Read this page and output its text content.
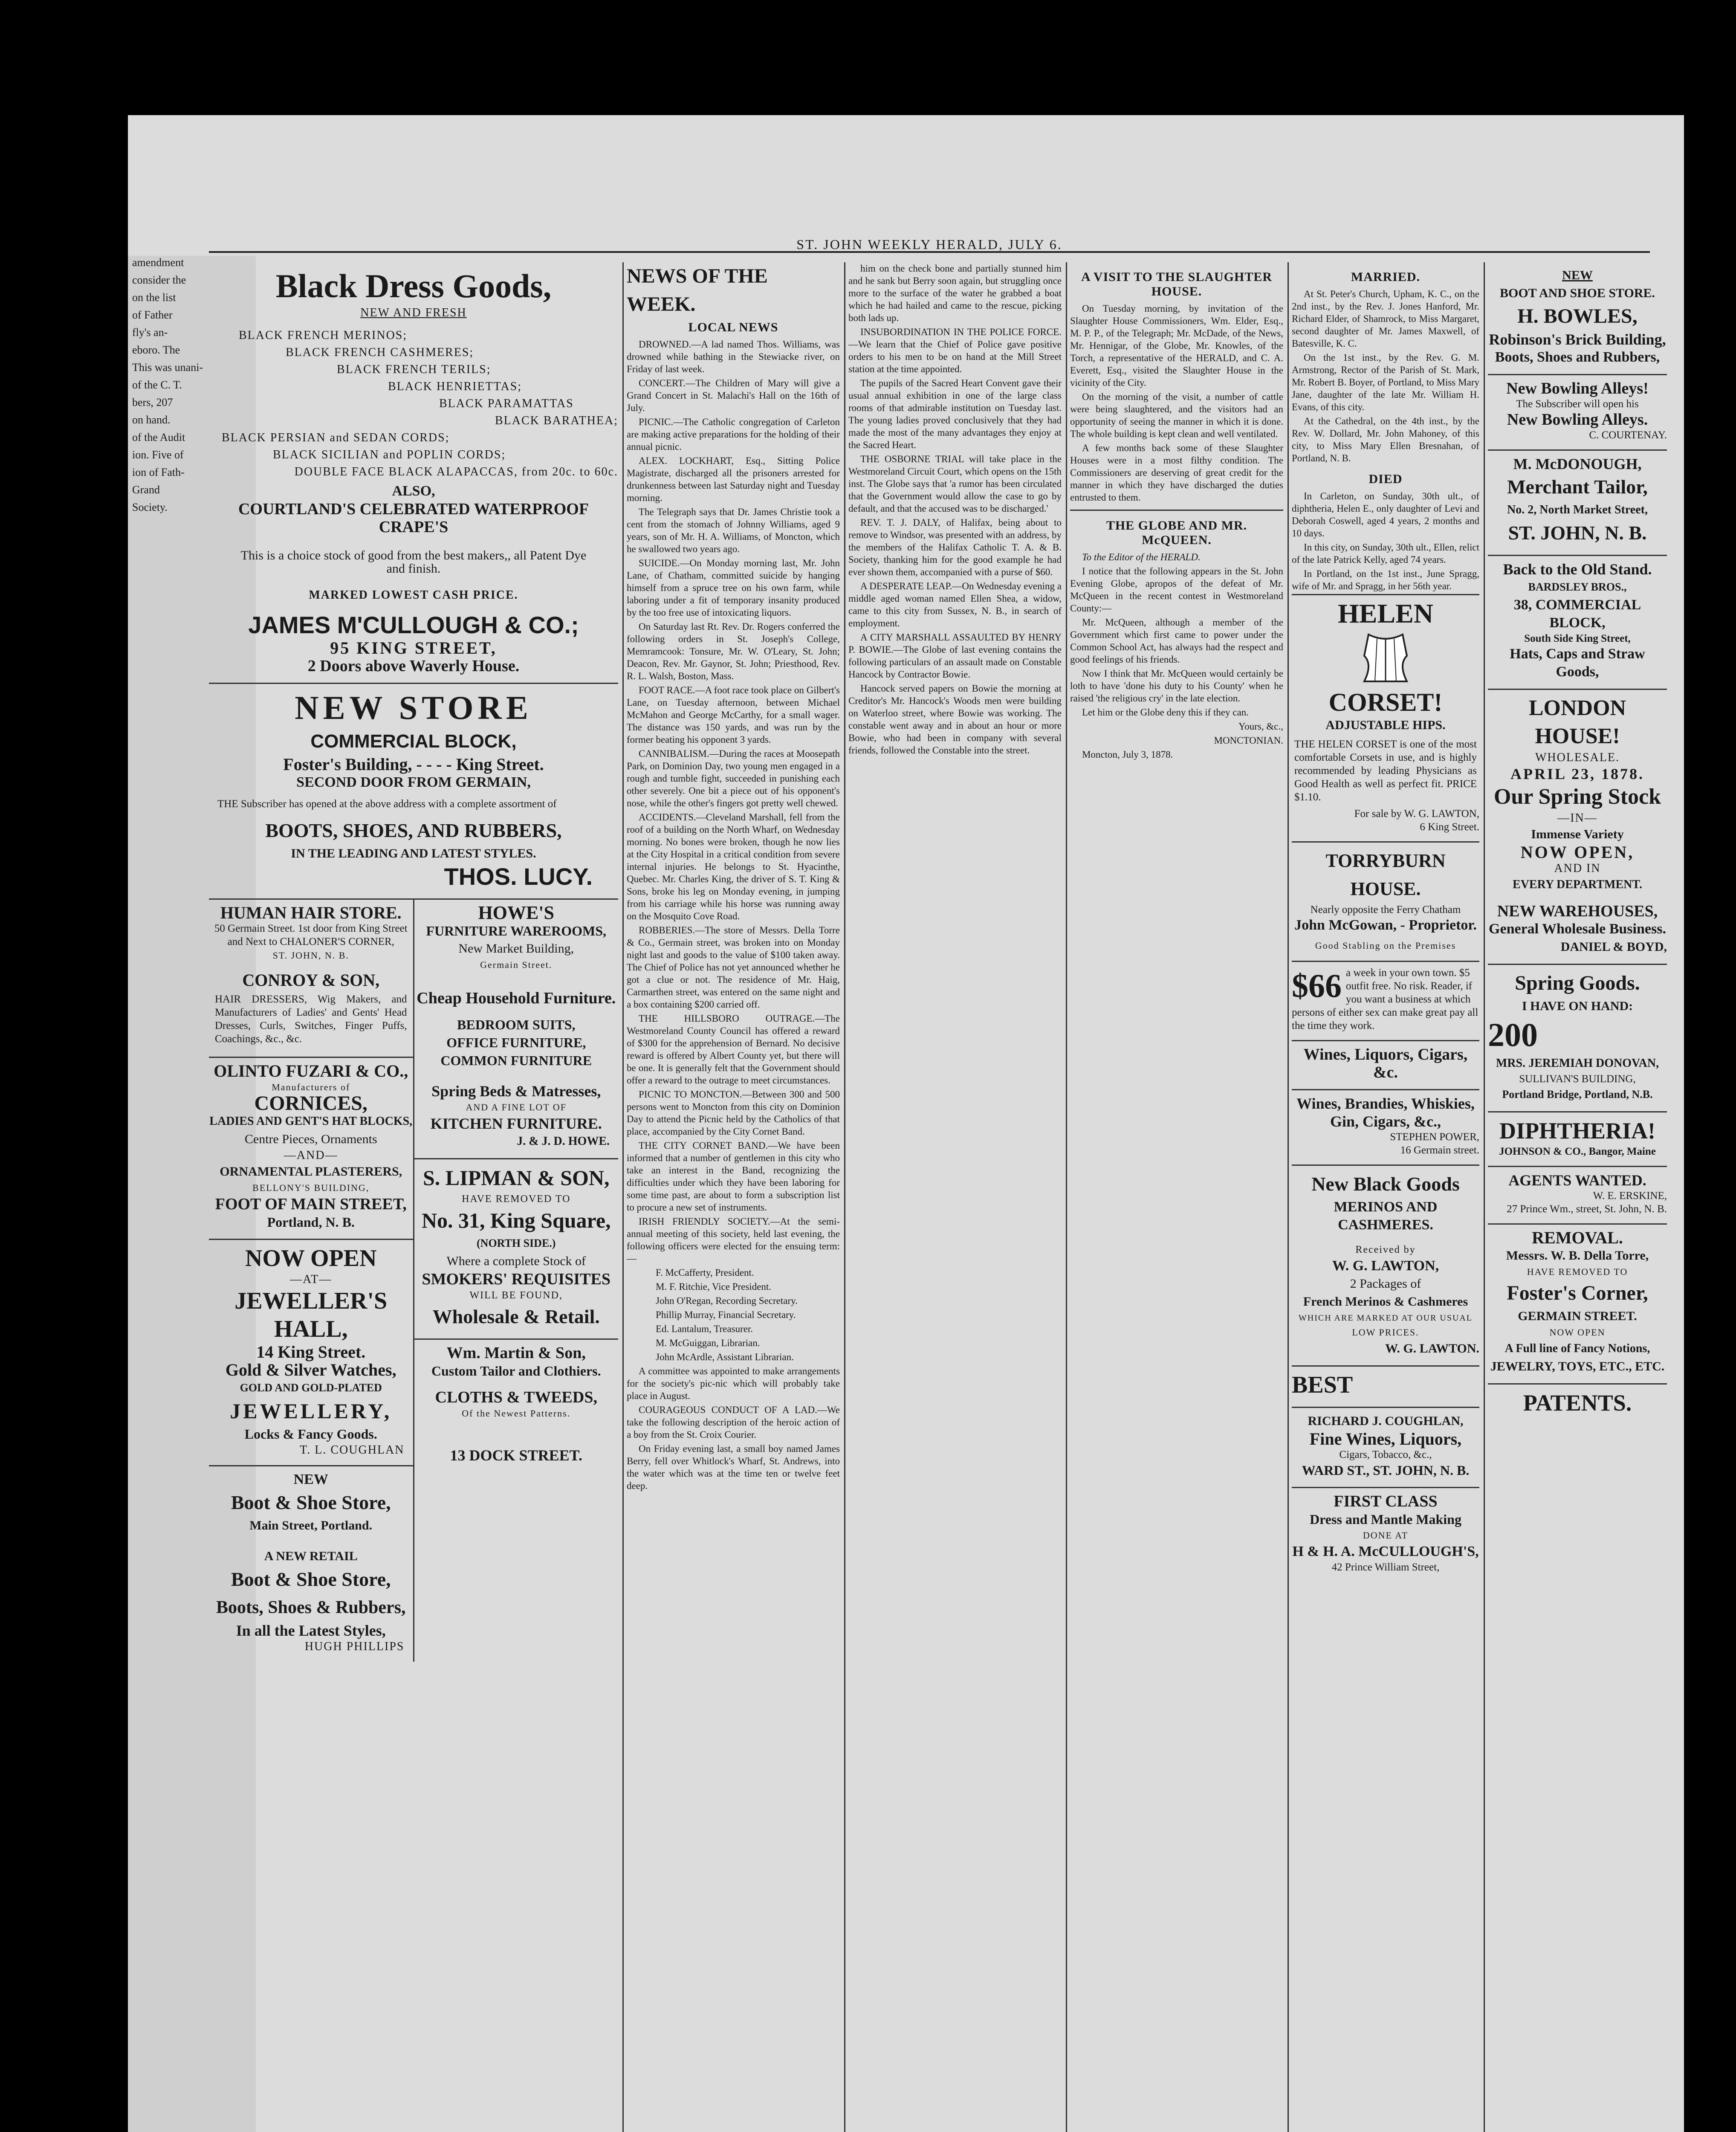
amendment

consider the

on the list

of Father

fly's an-

eboro. The

This was unani-

of the C. T.

bers, 207

on hand.

of the Audit

ion. Five of

ion of Fath-

Grand

Society.

ST. JOHN WEEKLY HERALD, JULY 6.
Black Dress Goods,
NEW AND FRESH

BLACK FRENCH MERINOS;

BLACK FRENCH CASHMERES;

BLACK FRENCH TERILS;

BLACK HENRIETTAS;

BLACK PARAMATTAS

BLACK BARATHEA;

BLACK PERSIAN and SEDAN CORDS;

BLACK SICILIAN and POPLIN CORDS;

DOUBLE FACE BLACK ALAPACCAS, from 20c. to 60c.

ALSO,
COURTLAND'S CELEBRATED WATERPROOF CRAPE'S
This is a choice stock of good from the best makers,, all Patent Dye and finish.
MARKED LOWEST CASH PRICE.
JAMES M'CULLOUGH & CO.;
95 KING STREET,
2 Doors above Waverly House.
NEW STORE
COMMERCIAL BLOCK,
Foster's Building, - - - - King Street.
SECOND DOOR FROM GERMAIN,
THE Subscriber has opened at the above address with a complete assortment of
BOOTS, SHOES, AND RUBBERS,
IN THE LEADING AND LATEST STYLES.
THOS. LUCY.
HUMAN HAIR STORE.
50 Germain Street. 1st door from King Street and Next to CHALONER'S CORNER,
ST. JOHN, N. B.
CONROY & SON,
HAIR DRESSERS, Wig Makers, and Manufacturers of Ladies' and Gents' Head Dresses, Curls, Switches, Finger Puffs, Coachings, &c., &c.
OLINTO FUZARI & CO.,
Manufacturers of
CORNICES,
LADIES AND GENT'S HAT BLOCKS,
Centre Pieces, Ornaments
—AND—
ORNAMENTAL PLASTERERS,
BELLONY'S BUILDING,
FOOT OF MAIN STREET,
Portland, N. B.
NOW OPEN
—AT—
JEWELLER'S HALL,
14 King Street.
Gold & Silver Watches,
GOLD AND GOLD-PLATED
JEWELLERY,
Locks & Fancy Goods.
T. L. COUGHLAN
NEW
Boot & Shoe Store,
Main Street, Portland.
A NEW RETAIL
Boot & Shoe Store,
Boots, Shoes & Rubbers,
In all the Latest Styles,
HUGH PHILLIPS
HOWE'S
FURNITURE WAREROOMS,
New Market Building,
Germain Street.
Cheap Household Furniture.
BEDROOM SUITS,
OFFICE FURNITURE,
COMMON FURNITURE
Spring Beds & Matresses,
AND A FINE LOT OF
KITCHEN FURNITURE.
J. & J. D. HOWE.
S. LIPMAN & SON,
HAVE REMOVED TO
No. 31, King Square,
(NORTH SIDE.)
Where a complete Stock of
SMOKERS' REQUISITES
WILL BE FOUND,
Wholesale & Retail.
Wm. Martin & Son,
Custom Tailor and Clothiers.
CLOTHS & TWEEDS,
Of the Newest Patterns.
13 DOCK STREET.
NEWS OF THE WEEK.
LOCAL NEWS

DROWNED.—A lad named Thos. Williams, was drowned while bathing in the Stewiacke river, on Friday of last week.

CONCERT.—The Children of Mary will give a Grand Concert in St. Malachi's Hall on the 16th of July.

PICNIC.—The Catholic congregation of Carleton are making active preparations for the holding of their annual picnic.

ALEX. LOCKHART, Esq., Sitting Police Magistrate, discharged all the prisoners arrested for drunkenness between last Saturday night and Tuesday morning.

The Telegraph says that Dr. James Christie took a cent from the stomach of Johnny Williams, aged 9 years, son of Mr. H. A. Williams, of Moncton, which he swallowed two years ago.

SUICIDE.—On Monday morning last, Mr. John Lane, of Chatham, committed suicide by hanging himself from a spruce tree on his own farm, while laboring under a fit of temporary insanity produced by the too free use of intoxicating liquors.

On Saturday last Rt. Rev. Dr. Rogers conferred the following orders in St. Joseph's College, Memramcook: Tonsure, Mr. W. O'Leary, St. John; Deacon, Rev. Mr. Gaynor, St. John; Priesthood, Rev. R. L. Walsh, Boston, Mass.

FOOT RACE.—A foot race took place on Gilbert's Lane, on Tuesday afternoon, between Michael McMahon and George McCarthy, for a small wager. The distance was 150 yards, and was run by the former beating his opponent 3 yards.

CANNIBALISM.—During the races at Moosepath Park, on Dominion Day, two young men engaged in a rough and tumble fight, succeeded in punishing each other severely. One bit a piece out of his opponent's nose, while the other's fingers got pretty well chewed.

ACCIDENTS.—Cleveland Marshall, fell from the roof of a building on the North Wharf, on Wednesday morning. No bones were broken, though he now lies at the City Hospital in a critical condition from severe internal injuries. He belongs to St. Hyacinthe, Quebec. Mr. Charles King, the driver of S. T. King & Sons, broke his leg on Monday evening, in jumping from his carriage while his horse was running away on the Mosquito Cove Road.

ROBBERIES.—The store of Messrs. Della Torre & Co., Germain street, was broken into on Monday night last and goods to the value of $100 taken away. The Chief of Police has not yet announced whether he got a clue or not. The residence of Mr. Haig, Carmarthen street, was entered on the same night and a box containing $200 carried off.

THE HILLSBORO OUTRAGE.—The Westmoreland County Council has offered a reward of $300 for the apprehension of Bernard. No decisive reward is offered by Albert County yet, but there will be one. It is generally felt that the Government should offer a reward to the outrage to meet circumstances.

PICNIC TO MONCTON.—Between 300 and 500 persons went to Moncton from this city on Dominion Day to attend the Picnic held by the Catholics of that place, accompanied by the City Cornet Band.

THE CITY CORNET BAND.—We have been informed that a number of gentlemen in this city who take an interest in the Band, recognizing the difficulties under which they have been laboring for some time past, are about to form a subscription list to procure a new set of instruments.

IRISH FRIENDLY SOCIETY.—At the semi-annual meeting of this society, held last evening, the following officers were elected for the ensuing term:—

F. McCafferty, President.

M. F. Ritchie, Vice President.

John O'Regan, Recording Secretary.

Phillip Murray, Financial Secretary.

Ed. Lantalum, Treasurer.

M. McGuiggan, Librarian.

John McArdle, Assistant Librarian.

A committee was appointed to make arrangements for the society's pic-nic which will probably take place in August.

COURAGEOUS CONDUCT OF A LAD.—We take the following description of the heroic action of a boy from the St. Croix Courier.

On Friday evening last, a small boy named James Berry, fell over Whitlock's Wharf, St. Andrews, into the water which was at the time ten or twelve feet deep.

him on the check bone and partially stunned him and he sank but Berry soon again, but struggling once more to the surface of the water he grabbed a boat which he had hailed and came to the rescue, picking both lads up.

INSUBORDINATION IN THE POLICE FORCE.—We learn that the Chief of Police gave positive orders to his men to be on hand at the Mill Street station at the time appointed.

The pupils of the Sacred Heart Convent gave their usual annual exhibition in one of the large class rooms of that admirable institution on Tuesday last. The young ladies proved conclusively that they had made the most of the many advantages they enjoy at the Sacred Heart.

THE OSBORNE TRIAL will take place in the Westmoreland Circuit Court, which opens on the 15th inst. The Globe says that 'a rumor has been circulated that the Government would allow the case to go by default, and that the accused was to be discharged.'

REV. T. J. DALY, of Halifax, being about to remove to Windsor, was presented with an address, by the members of the Halifax Catholic T. A. & B. Society, thanking him for the good example he had ever shown them, accompanied with a purse of $60.

A DESPERATE LEAP.—On Wednesday evening a middle aged woman named Ellen Shea, a widow, came to this city from Sussex, N. B., in search of employment.

A CITY MARSHALL ASSAULTED BY HENRY P. BOWIE.—The Globe of last evening contains the following particulars of an assault made on Constable Hancock by Contractor Bowie.

Hancock served papers on Bowie the morning at Creditor's Mr. Hancock's Woods men were building on Waterloo street, where Bowie was working. The constable went away and in about an hour or more Bowie, who had been in company with several friends, followed the Constable into the street.

A VISIT TO THE SLAUGHTER HOUSE.

On Tuesday morning, by invitation of the Slaughter House Commissioners, Wm. Elder, Esq., M. P. P., of the Telegraph; Mr. McDade, of the News, Mr. Hennigar, of the Globe, Mr. Knowles, of the Torch, a representative of the HERALD, and C. A. Everett, Esq., visited the Slaughter House in the vicinity of the City.

On the morning of the visit, a number of cattle were being slaughtered, and the visitors had an opportunity of seeing the manner in which it is done. The whole building is kept clean and well ventilated.

A few months back some of these Slaughter Houses were in a most filthy condition. The Commissioners are deserving of great credit for the manner in which they have discharged the duties entrusted to them.

THE GLOBE AND MR. McQUEEN.
To the Editor of the HERALD.

I notice that the following appears in the St. John Evening Globe, apropos of the defeat of Mr. McQueen in the recent contest in Westmoreland County:—

Mr. McQueen, although a member of the Government which first came to power under the Common School Act, has always had the respect and good feelings of his friends.

Now I think that Mr. McQueen would certainly be loth to have 'done his duty to his County' when he raised 'the religious cry' in the late election.

Let him or the Globe deny this if they can.

Yours, &c.,
MONCTONIAN.
Moncton, July 3, 1878.
MARRIED.

At St. Peter's Church, Upham, K. C., on the 2nd inst., by the Rev. J. Jones Hanford, Mr. Richard Elder, of Shamrock, to Miss Margaret, second daughter of Mr. James Maxwell, of Batesville, K. C.

On the 1st inst., by the Rev. G. M. Armstrong, Rector of the Parish of St. Mark, Mr. Robert B. Boyer, of Portland, to Miss Mary Jane, daughter of the late Mr. William H. Evans, of this city.

At the Cathedral, on the 4th inst., by the Rev. W. Dollard, Mr. John Mahoney, of this city, to Miss Mary Ellen Bresnahan, of Portland, N. B.

DIED

In Carleton, on Sunday, 30th ult., of diphtheria, Helen E., only daughter of Levi and Deborah Coswell, aged 4 years, 2 months and 10 days.

In this city, on Sunday, 30th ult., Ellen, relict of the late Patrick Kelly, aged 74 years.

In Portland, on the 1st inst., June Spragg, wife of Mr. and Spragg, in her 56th year.

HELEN
CORSET!
ADJUSTABLE HIPS.
THE HELEN CORSET is one of the most comfortable Corsets in use, and is highly recommended by leading Physicians as Good Health as well as perfect fit. PRICE $1.10.
For sale by W. G. LAWTON,
6 King Street.
TORRYBURN HOUSE.
Nearly opposite the Ferry Chatham
John McGowan, - Proprietor.
Good Stabling on the Premises
$66 a week in your own town. $5 outfit free. No risk. Reader, if you want a business at which persons of either sex can make great pay all the time they work.
Wines, Liquors, Cigars, &c.
Wines, Brandies, Whiskies,
Gin, Cigars, &c.,
STEPHEN POWER,
16 Germain street.
New Black Goods
MERINOS AND CASHMERES.
Received by
W. G. LAWTON,
2 Packages of
French Merinos & Cashmeres
WHICH ARE MARKED AT OUR USUAL
LOW PRICES.
W. G. LAWTON.
BEST
RICHARD J. COUGHLAN,
Fine Wines, Liquors,
Cigars, Tobacco, &c.,
WARD ST., ST. JOHN, N. B.
FIRST CLASS
Dress and Mantle Making
DONE AT
H & H. A. McCULLOUGH'S,
42 Prince William Street,
NEW
BOOT AND SHOE STORE.
H. BOWLES,
Robinson's Brick Building,
Boots, Shoes and Rubbers,
New Bowling Alleys!
The Subscriber will open his
New Bowling Alleys.
C. COURTENAY.
M. McDONOUGH,
Merchant Tailor,
No. 2, North Market Street,
ST. JOHN, N. B.
Back to the Old Stand.
BARDSLEY BROS.,
38, COMMERCIAL BLOCK,
South Side King Street,
Hats, Caps and Straw Goods,
LONDON HOUSE!
WHOLESALE.
APRIL 23, 1878.
Our Spring Stock
—IN—
Immense Variety
NOW OPEN,
AND IN
EVERY DEPARTMENT.
NEW WAREHOUSES,
General Wholesale Business.
DANIEL & BOYD,
Spring Goods.
I HAVE ON HAND:
200
MRS. JEREMIAH DONOVAN,
SULLIVAN'S BUILDING,
Portland Bridge, Portland, N.B.
DIPHTHERIA!
JOHNSON & CO., Bangor, Maine
AGENTS WANTED.
W. E. ERSKINE,
27 Prince Wm., street, St. John, N. B.
REMOVAL.
Messrs. W. B. Della Torre,
HAVE REMOVED TO
Foster's Corner,
GERMAIN STREET.
NOW OPEN
A Full line of Fancy Notions,
JEWELRY, TOYS, ETC., ETC.
PATENTS.
